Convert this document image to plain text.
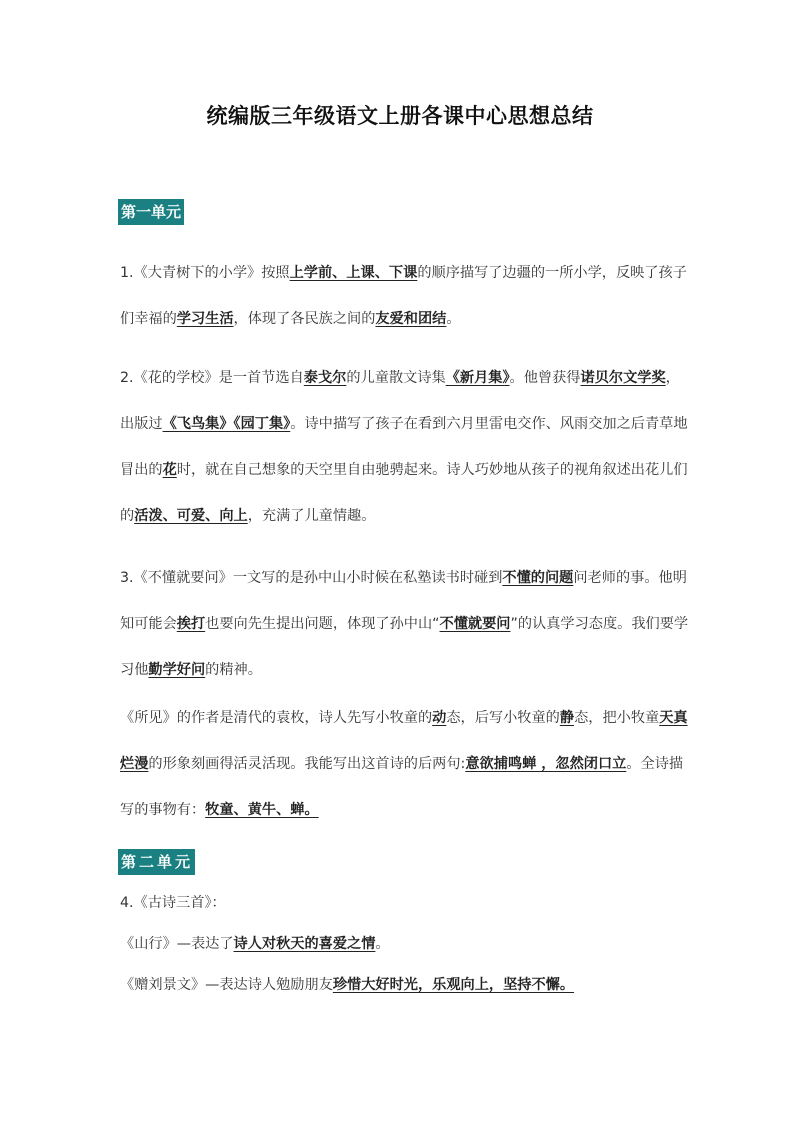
统编版三年级语文上册各课中心思想总结
第一单元

1.《大青树下的小学》按照上学前、上课、下课的顺序描写了边疆的一所小学，反映了孩子们幸福的学习生活，体现了各民族之间的友爱和团结。

2.《花的学校》是一首节选自泰戈尔的儿童散文诗集《新月集》。他曾获得诺贝尔文学奖，出版过《飞鸟集》《园丁集》。诗中描写了孩子在看到六月里雷电交作、风雨交加之后青草地冒出的花时，就在自己想象的天空里自由驰骋起来。诗人巧妙地从孩子的视角叙述出花儿们的活泼、可爱、向上，充满了儿童情趣。

3.《不懂就要问》一文写的是孙中山小时候在私塾读书时碰到不懂的问题问老师的事。他明知可能会挨打也要向先生提出问题，体现了孙中山“不懂就要问”的认真学习态度。我们要学习他勤学好问的精神。

《所见》的作者是清代的袁枚，诗人先写小牧童的动态，后写小牧童的静态，把小牧童天真烂漫的形象刻画得活灵活现。我能写出这首诗的后两句:意欲捕鸣蝉 ，忽然闭口立。全诗描写的事物有：牧童、黄牛、蝉。

第二单元

4.《古诗三首》：

《山行》—表达了诗人对秋天的喜爱之情。

《赠刘景文》—表达诗人勉励朋友珍惜大好时光，乐观向上，坚持不懈。
